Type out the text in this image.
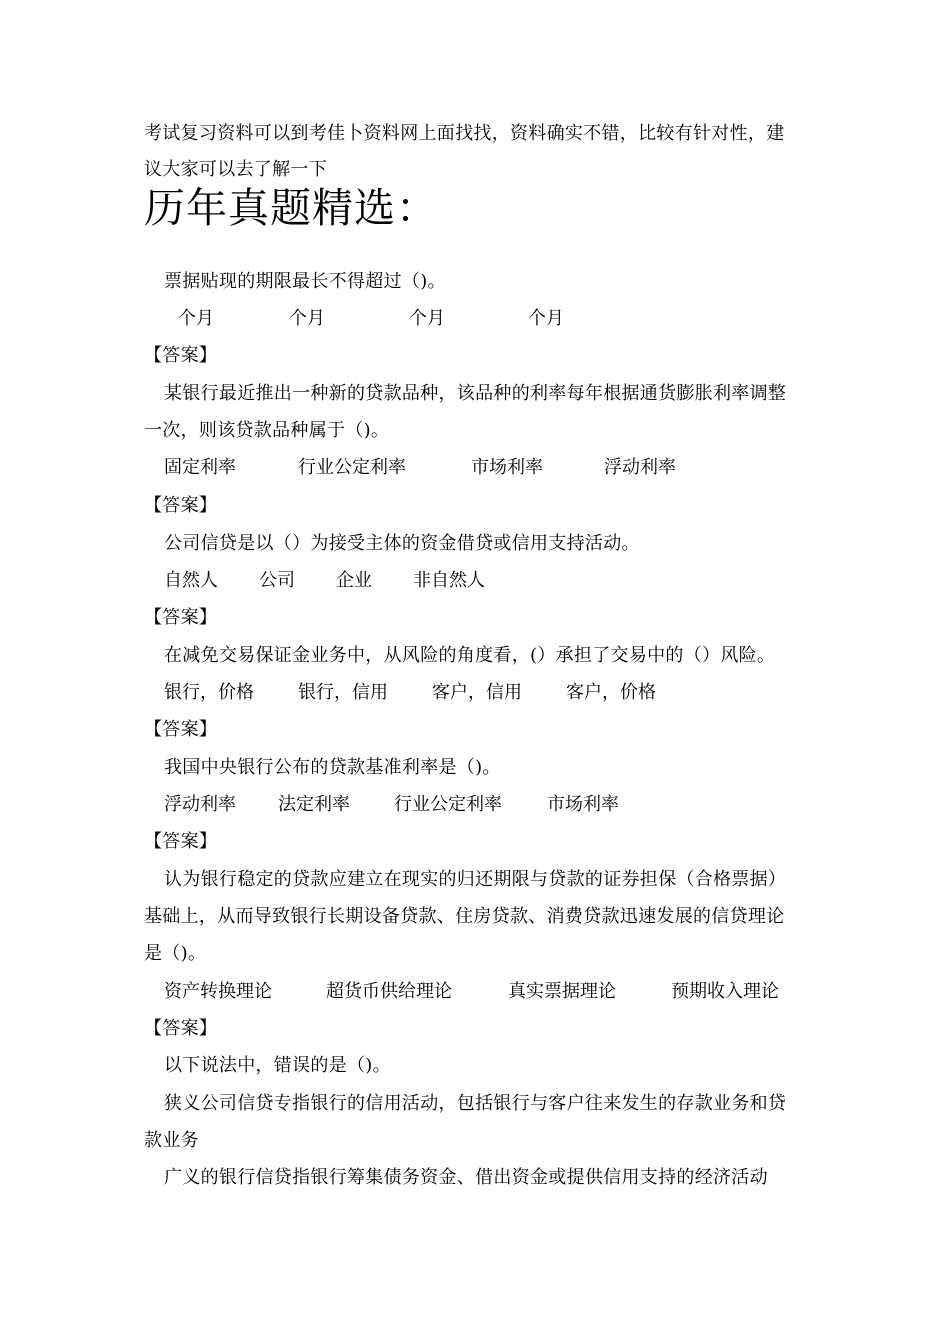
考试复习资料可以到考佳卜资料网上面找找，资料确实不错，比较有针对性，建
议大家可以去了解一下
历年真题精选：
票据贴现的期限最长不得超过（)。
个月	个月	个月	个月
【答案】
某银行最近推出一种新的贷款品种，该品种的利率每年根据通货膨胀利率调整
一次，则该贷款品种属于（)。
固定利率	行业公定利率	市场利率	浮动利率
【答案】
公司信贷是以（）为接受主体的资金借贷或信用支持活动。
自然人 公司 企业 非自然人
【答案】
在减免交易保证金业务中，从风险的角度看，(）承担了交易中的（）风险。
银行，价格 银行，信用 客户，信用 客户，价格
【答案】
我国中央银行公布的贷款基准利率是（)。
浮动利率 法定利率 行业公定利率	市场利率
【答案】
认为银行稳定的贷款应建立在现实的归还期限与贷款的证券担保（合格票据）
基础上，从而导致银行长期设备贷款、住房贷款、消费贷款迅速发展的信贷理论
是（)。
资产转换理论	超货币供给理论	真实票据理论	预期收入理论
【答案】
以下说法中，错误的是（)。
狭义公司信贷专指银行的信用活动，包括银行与客户往来发生的存款业务和贷
款业务
广义的银行信贷指银行筹集债务资金、借出资金或提供信用支持的经济活动
